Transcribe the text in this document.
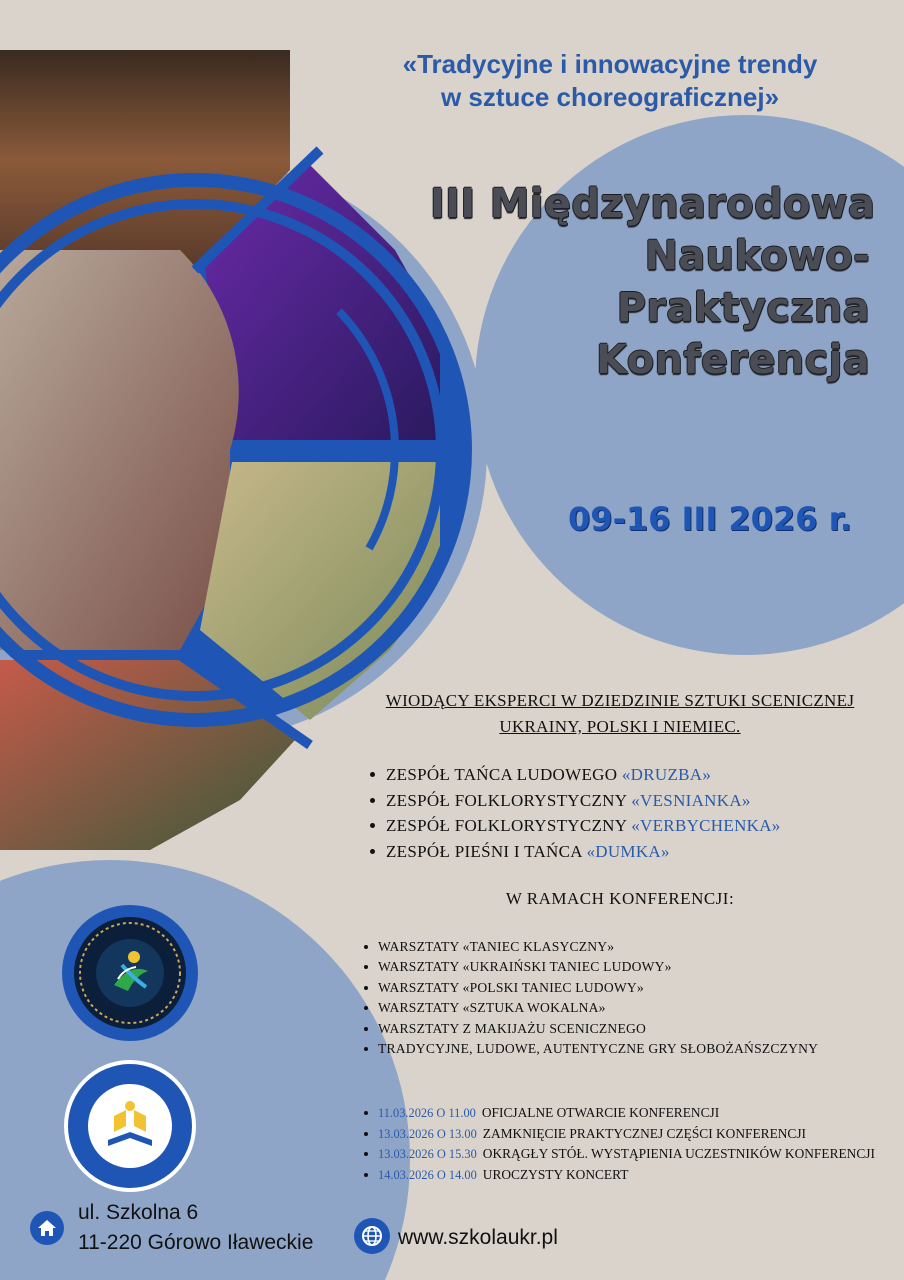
«Tradycyjne i innowacyjne trendy
w sztuce choreograficznej»
III Międzynarodowa
Naukowo-
Praktyczna
Konferencja
09-16 III 2026 r.
WIODĄCY EKSPERCI W DZIEDZINIE SZTUKI SCENICZNEJ
UKRAINY, POLSKI I NIEMIEC.
ZESPÓŁ TAŃCA LUDOWEGO «DRUZBA»
ZESPÓŁ FOLKLORYSTYCZNY «VESNIANKA»
ZESPÓŁ FOLKLORYSTYCZNY «VERBYCHENKA»
ZESPÓŁ PIEŚNI I TAŃCA «DUMKA»
W RAMACH KONFERENCJI:
WARSZTATY «TANIEC KLASYCZNY»
WARSZTATY «UKRAIŃSKI TANIEC LUDOWY»
WARSZTATY «POLSKI TANIEC LUDOWY»
WARSZTATY «SZTUKA WOKALNA»
WARSZTATY Z MAKIJAŻU SCENICZNEGO
TRADYCYJNE, LUDOWE, AUTENTYCZNE GRY SŁOBOŻAŃSZCZYNY
11.03.2026 O 11.00 OFICJALNE OTWARCIE KONFERENCJI
13.03.2026 O 13.00 ZAMKNIĘCIE PRAKTYCZNEJ CZĘŚCI KONFERENCJI
13.03.2026 O 15.30 OKRĄGŁY STÓŁ. WYSTĄPIENIA UCZESTNIKÓW KONFERENCJI
14.03.2026 O 14.00 UROCZYSTY KONCERT
ul. Szkolna 6
11-220 Górowo Iławeckie	www.szkolaukr.pl
